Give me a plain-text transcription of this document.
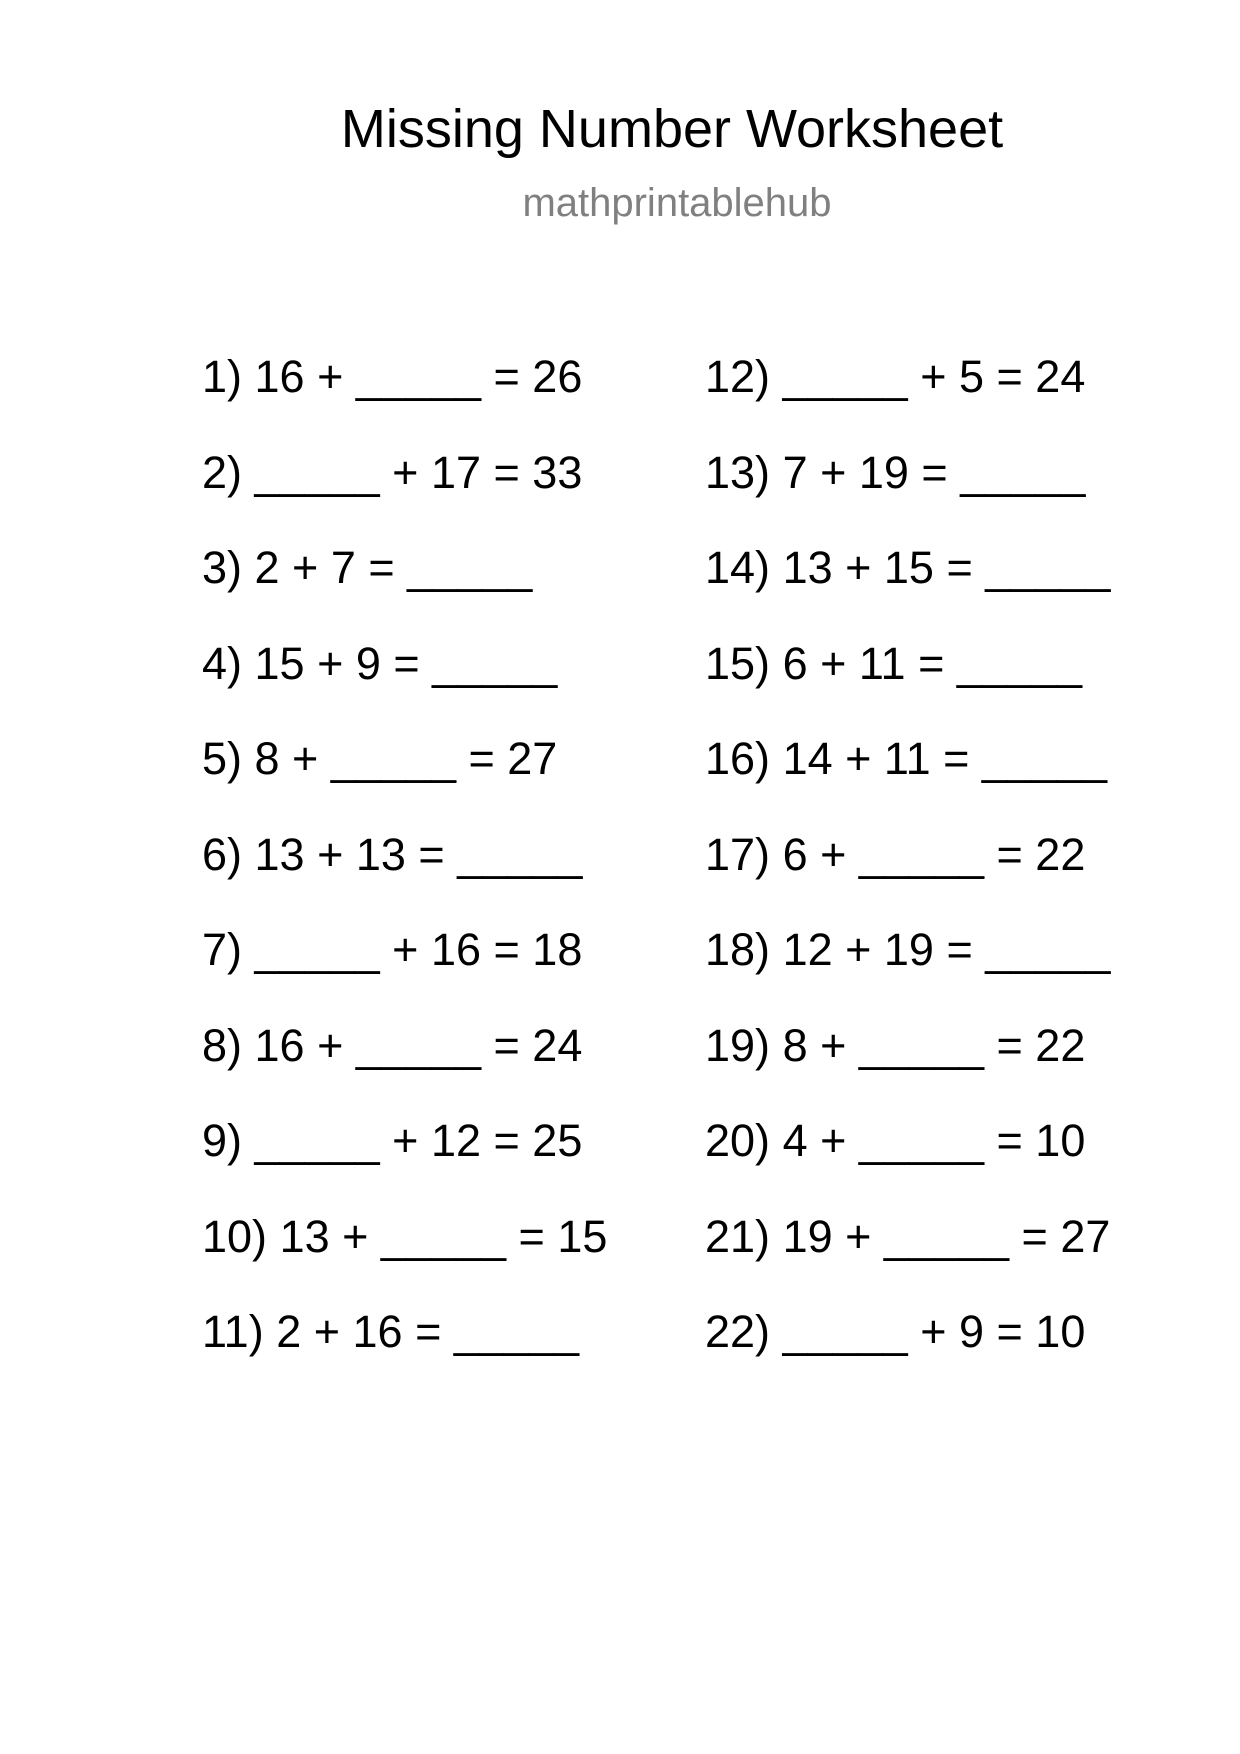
Missing Number Worksheet
mathprintablehub
1) 16 + _____ = 26
2) _____ + 17 = 33
3) 2 + 7 = _____
4) 15 + 9 = _____
5) 8 + _____ = 27
6) 13 + 13 = _____
7) _____ + 16 = 18
8) 16 + _____ = 24
9) _____ + 12 = 25
10) 13 + _____ = 15
11) 2 + 16 = _____
12) _____ + 5 = 24
13) 7 + 19 = _____
14) 13 + 15 = _____
15) 6 + 11 = _____
16) 14 + 11 = _____
17) 6 + _____ = 22
18) 12 + 19 = _____
19) 8 + _____ = 22
20) 4 + _____ = 10
21) 19 + _____ = 27
22) _____ + 9 = 10
